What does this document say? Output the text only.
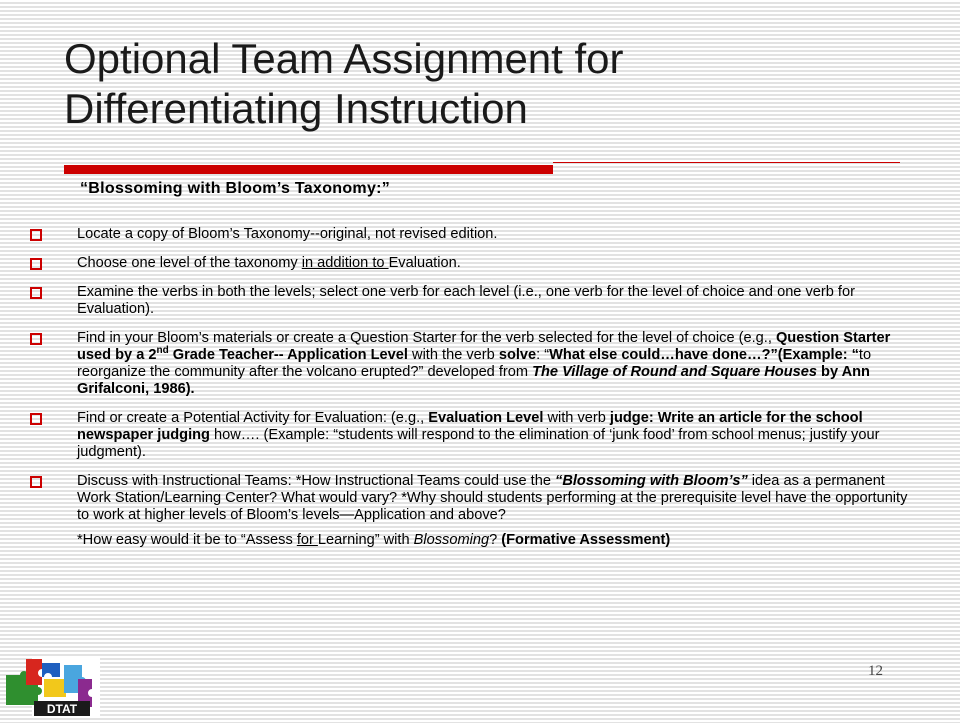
Optional Team Assignment for
Differentiating Instruction
“Blossoming with Bloom’s Taxonomy:”
Locate a copy of Bloom’s Taxonomy--original, not revised edition.
Choose one level of the taxonomy in addition to Evaluation.
Examine the verbs in both the levels; select one verb for each level (i.e., one verb for the level of choice and one verb for Evaluation).
Find in your Bloom’s materials or create a Question Starter for the verb selected for the level of choice (e.g., Question Starter used by a 2nd Grade Teacher-- Application Level with the verb solve: “What else could…have done…?”(Example: “to reorganize the community after the volcano erupted?” developed from The Village of Round and Square Houses by Ann Grifalconi, 1986).
Find or create a Potential Activity for Evaluation: (e.g., Evaluation Level with verb judge: Write an article for the school newspaper judging how…. (Example: “students will respond to the elimination of ‘junk food’ from school menus; justify your judgment).
Discuss with Instructional Teams: *How Instructional Teams could use the “Blossoming with Bloom’s” idea as a permanent Work Station/Learning Center? What would vary? *Why should students performing at the prerequisite level have the opportunity to work at higher levels of Bloom’s levels—Application and above?
*How easy would it be to “Assess for Learning” with Blossoming? (Formative Assessment)
DTAT
12
